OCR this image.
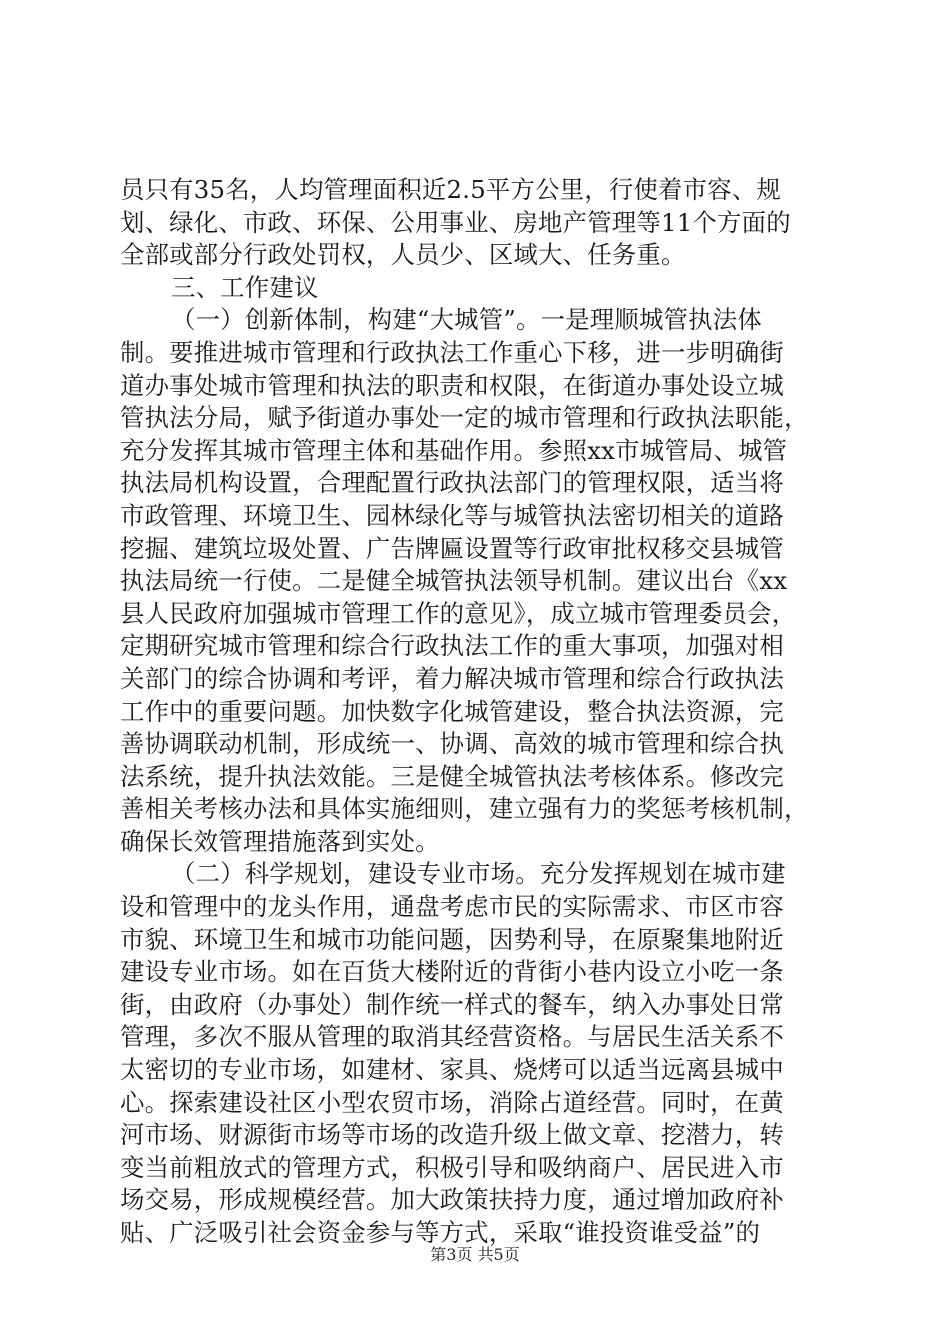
员只有35名，人均管理面积近2.5平方公里，行使着市容、规
划、绿化、市政、环保、公用事业、房地产管理等11个方面的
全部或部分行政处罚权，人员少、区域大、任务重。
三、工作建议
（一）创新体制，构建“大城管”。一是理顺城管执法体
制。要推进城市管理和行政执法工作重心下移，进一步明确街
道办事处城市管理和执法的职责和权限，在街道办事处设立城
管执法分局，赋予街道办事处一定的城市管理和行政执法职能，
充分发挥其城市管理主体和基础作用。参照xx市城管局、城管
执法局机构设置，合理配置行政执法部门的管理权限，适当将
市政管理、环境卫生、园林绿化等与城管执法密切相关的道路
挖掘、建筑垃圾处置、广告牌匾设置等行政审批权移交县城管
执法局统一行使。二是健全城管执法领导机制。建议出台《xx
县人民政府加强城市管理工作的意见》，成立城市管理委员会，
定期研究城市管理和综合行政执法工作的重大事项，加强对相
关部门的综合协调和考评，着力解决城市管理和综合行政执法
工作中的重要问题。加快数字化城管建设，整合执法资源，完
善协调联动机制，形成统一、协调、高效的城市管理和综合执
法系统，提升执法效能。三是健全城管执法考核体系。修改完
善相关考核办法和具体实施细则，建立强有力的奖惩考核机制，
确保长效管理措施落到实处。
（二）科学规划，建设专业市场。充分发挥规划在城市建
设和管理中的龙头作用，通盘考虑市民的实际需求、市区市容
市貌、环境卫生和城市功能问题，因势利导，在原聚集地附近
建设专业市场。如在百货大楼附近的背街小巷内设立小吃一条
街，由政府（办事处）制作统一样式的餐车，纳入办事处日常
管理，多次不服从管理的取消其经营资格。与居民生活关系不
太密切的专业市场，如建材、家具、烧烤可以适当远离县城中
心。探索建设社区小型农贸市场，消除占道经营。同时，在黄
河市场、财源街市场等市场的改造升级上做文章、挖潜力，转
变当前粗放式的管理方式，积极引导和吸纳商户、居民进入市
场交易，形成规模经营。加大政策扶持力度，通过增加政府补
贴、广泛吸引社会资金参与等方式，采取“谁投资谁受益”的
第3页 共5页
